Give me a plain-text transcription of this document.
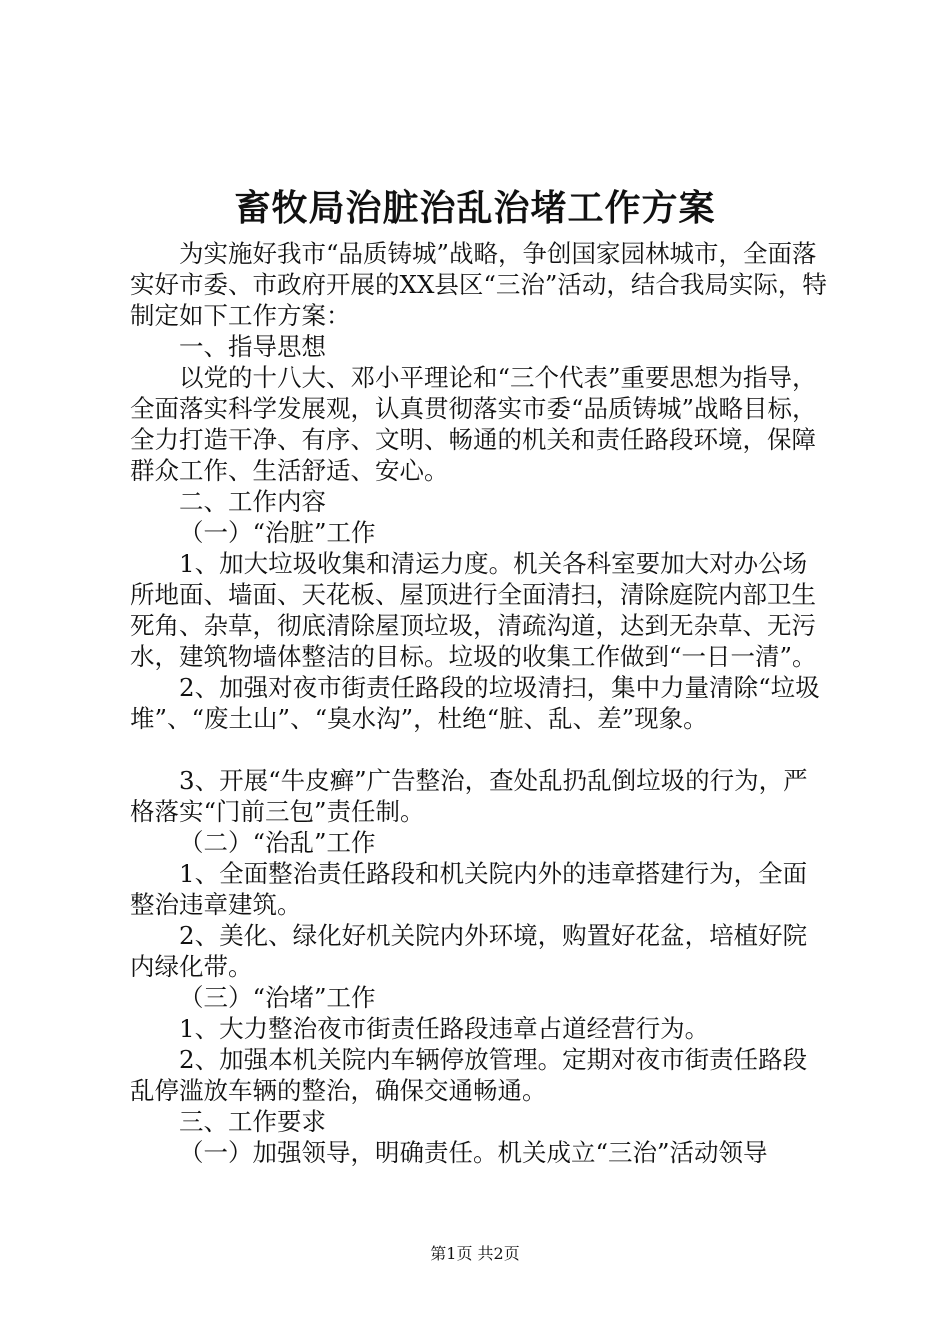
畜牧局治脏治乱治堵工作方案

为实施好我市“品质铸城”战略，争创国家园林城市，全面落实好市委、市政府开展的XX县区“三治”活动，结合我局实际，特制定如下工作方案：

一、指导思想

以党的十八大、邓小平理论和“三个代表”重要思想为指导，全面落实科学发展观，认真贯彻落实市委“品质铸城”战略目标，全力打造干净、有序、文明、畅通的机关和责任路段环境，保障群众工作、生活舒适、安心。

二、工作内容

（一）“治脏”工作

1、加大垃圾收集和清运力度。机关各科室要加大对办公场所地面、墙面、天花板、屋顶进行全面清扫，清除庭院内部卫生死角、杂草，彻底清除屋顶垃圾，清疏沟道，达到无杂草、无污水，建筑物墙体整洁的目标。垃圾的收集工作做到“一日一清”。

2、加强对夜市街责任路段的垃圾清扫，集中力量清除“垃圾堆”、“废土山”、“臭水沟”，杜绝“脏、乱、差”现象。

3、开展“牛皮癣”广告整治，查处乱扔乱倒垃圾的行为，严格落实“门前三包”责任制。

（二）“治乱”工作

1、全面整治责任路段和机关院内外的违章搭建行为，全面整治违章建筑。

2、美化、绿化好机关院内外环境，购置好花盆，培植好院内绿化带。

（三）“治堵”工作

1、大力整治夜市街责任路段违章占道经营行为。

2、加强本机关院内车辆停放管理。定期对夜市街责任路段乱停滥放车辆的整治，确保交通畅通。

三、工作要求

（一）加强领导，明确责任。机关成立“三治”活动领导

第1页 共2页
